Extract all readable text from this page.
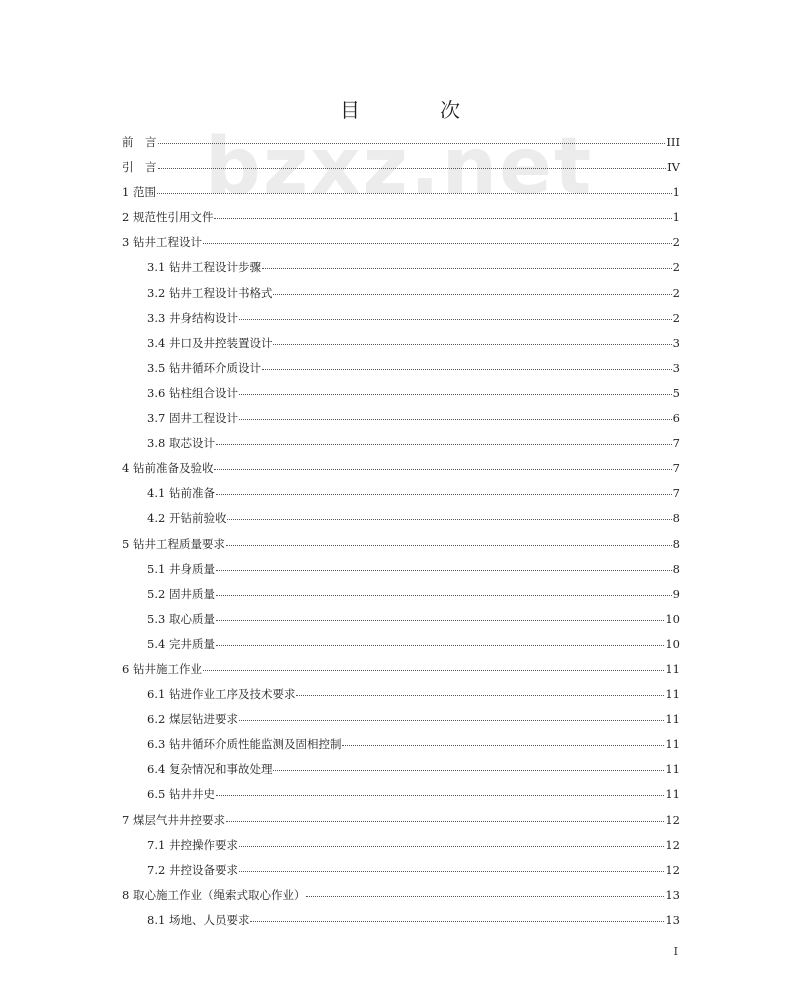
bzxz.net
目　次
前　言	III
引　言	IV
1 范围	1
2 规范性引用文件	1
3 钻井工程设计	2
3.1 钻井工程设计步骤	2
3.2 钻井工程设计书格式	2
3.3 井身结构设计	2
3.4 井口及井控装置设计	3
3.5 钻井循环介质设计	3
3.6 钻柱组合设计	5
3.7 固井工程设计	6
3.8 取芯设计	7
4 钻前准备及验收	7
4.1 钻前准备	7
4.2 开钻前验收	8
5 钻井工程质量要求	8
5.1 井身质量	8
5.2 固井质量	9
5.3 取心质量	10
5.4 完井质量	10
6 钻井施工作业	11
6.1 钻进作业工序及技术要求	11
6.2 煤层钻进要求	11
6.3 钻井循环介质性能监测及固相控制	11
6.4 复杂情况和事故处理	11
6.5 钻井井史	11
7 煤层气井井控要求	12
7.1 井控操作要求	12
7.2 井控设备要求	12
8 取心施工作业（绳索式取心作业）	13
8.1 场地、人员要求	13
I
